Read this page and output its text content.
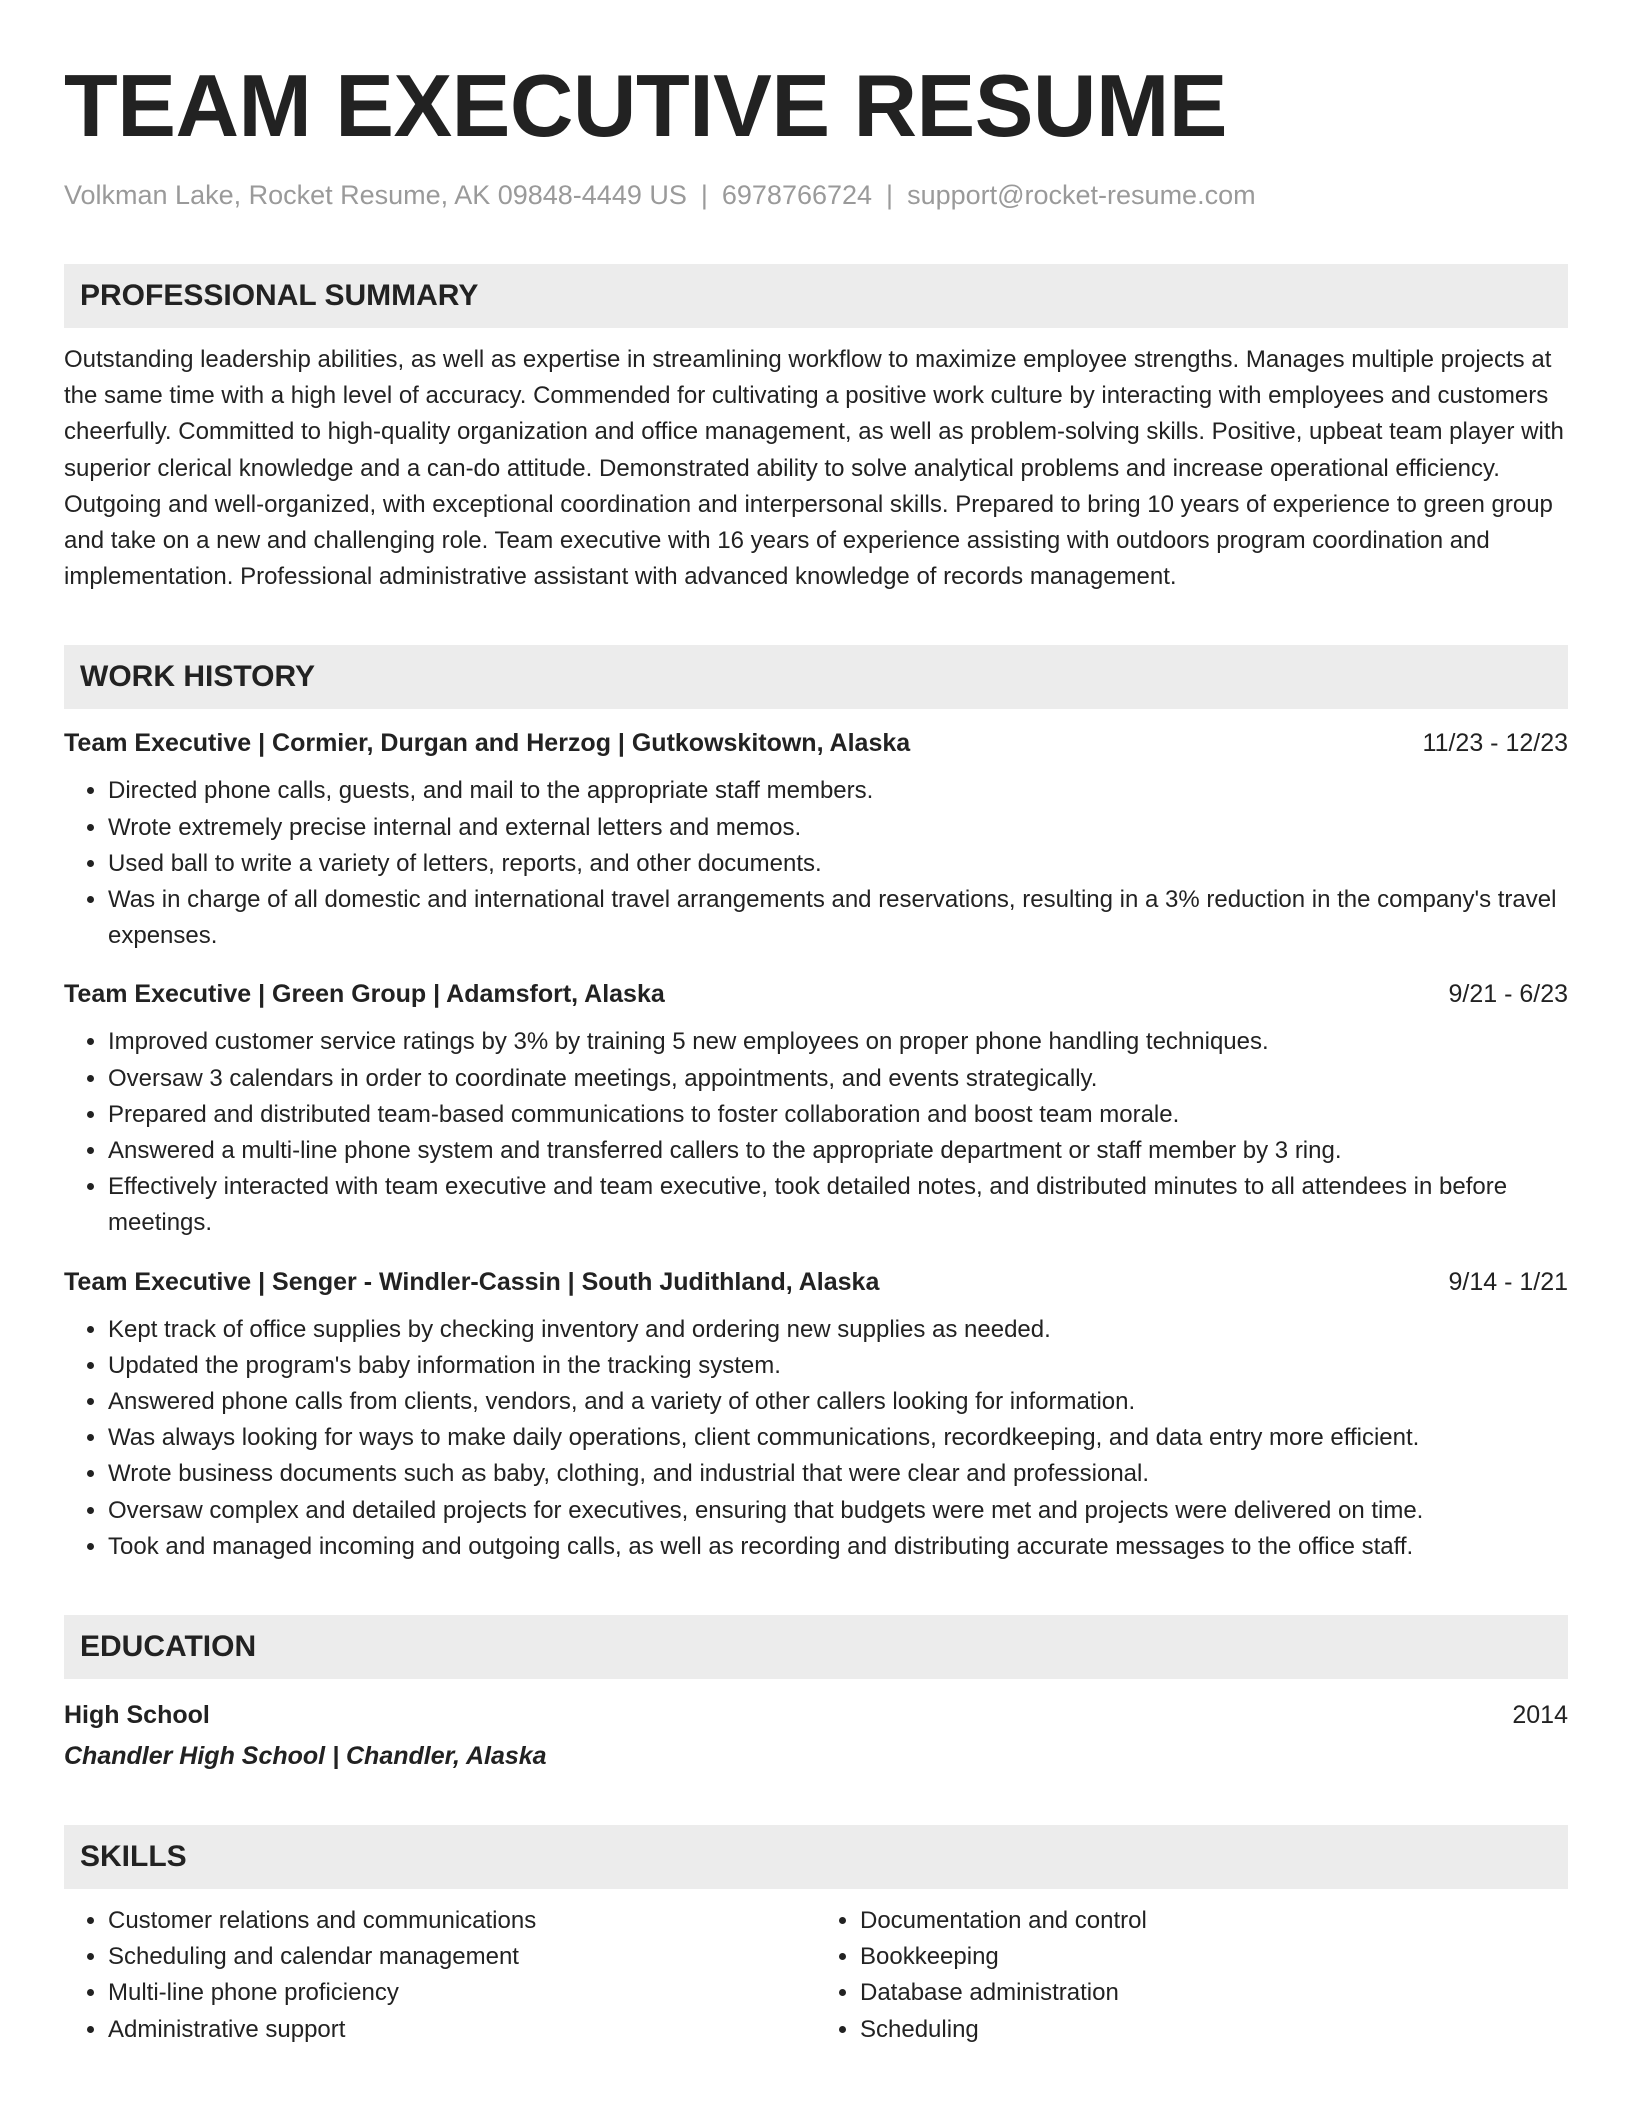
TEAM EXECUTIVE RESUME
Volkman Lake, Rocket Resume, AK 09848-4449 US | 6978766724 | support@rocket-resume.com
PROFESSIONAL SUMMARY

Outstanding leadership abilities, as well as expertise in streamlining workflow to maximize employee strengths. Manages multiple projects at the same time with a high level of accuracy. Commended for cultivating a positive work culture by interacting with employees and customers cheerfully. Committed to high-quality organization and office management, as well as problem-solving skills. Positive, upbeat team player with superior clerical knowledge and a can-do attitude. Demonstrated ability to solve analytical problems and increase operational efficiency. Outgoing and well-organized, with exceptional coordination and interpersonal skills. Prepared to bring 10 years of experience to green group and take on a new and challenging role. Team executive with 16 years of experience assisting with outdoors program coordination and implementation. Professional administrative assistant with advanced knowledge of records management.

WORK HISTORY
Team Executive | Cormier, Durgan and Herzog | Gutkowskitown, Alaska	11/23 - 12/23
• Directed phone calls, guests, and mail to the appropriate staff members.
• Wrote extremely precise internal and external letters and memos.
• Used ball to write a variety of letters, reports, and other documents.
• Was in charge of all domestic and international travel arrangements and reservations, resulting in a 3% reduction in the company's travel expenses.
Team Executive | Green Group | Adamsfort, Alaska	9/21 - 6/23
• Improved customer service ratings by 3% by training 5 new employees on proper phone handling techniques.
• Oversaw 3 calendars in order to coordinate meetings, appointments, and events strategically.
• Prepared and distributed team-based communications to foster collaboration and boost team morale.
• Answered a multi-line phone system and transferred callers to the appropriate department or staff member by 3 ring.
• Effectively interacted with team executive and team executive, took detailed notes, and distributed minutes to all attendees in before meetings.
Team Executive | Senger - Windler-Cassin | South Judithland, Alaska	9/14 - 1/21
• Kept track of office supplies by checking inventory and ordering new supplies as needed.
• Updated the program's baby information in the tracking system.
• Answered phone calls from clients, vendors, and a variety of other callers looking for information.
• Was always looking for ways to make daily operations, client communications, recordkeeping, and data entry more efficient.
• Wrote business documents such as baby, clothing, and industrial that were clear and professional.
• Oversaw complex and detailed projects for executives, ensuring that budgets were met and projects were delivered on time.
• Took and managed incoming and outgoing calls, as well as recording and distributing accurate messages to the office staff.
EDUCATION
High School	2014
Chandler High School | Chandler, Alaska
SKILLS
• Customer relations and communications
• Scheduling and calendar management
• Multi-line phone proficiency
• Administrative support
• Documentation and control
• Bookkeeping
• Database administration
• Scheduling
